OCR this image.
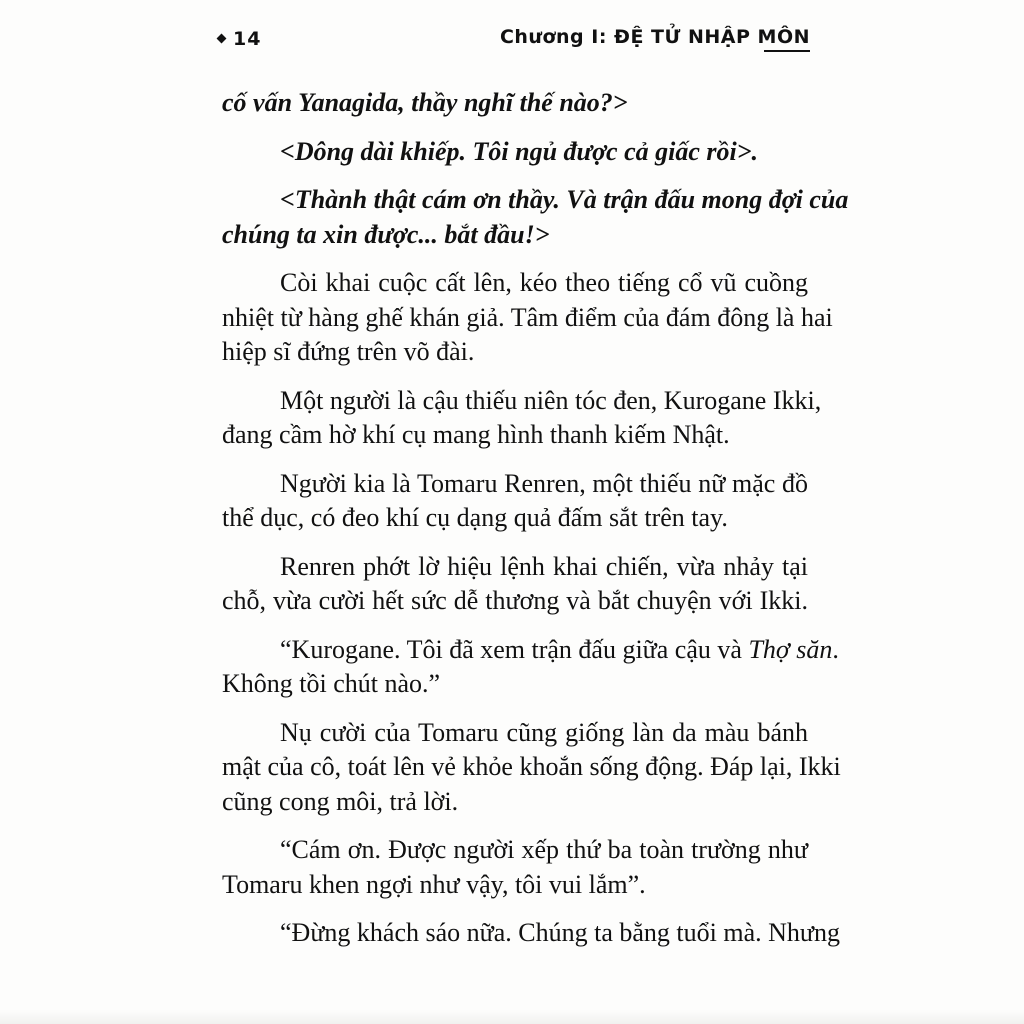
14	Chương I: ĐỆ TỬ NHẬP MÔN
cố vấn Yanagida, thầy nghĩ thế nào?>
<Dông dài khiếp. Tôi ngủ được cả giấc rồi>.
<Thành thật cám ơn thầy. Và trận đấu mong đợi của
chúng ta xin được... bắt đầu!>
Còi khai cuộc cất lên, kéo theo tiếng cổ vũ cuồng
nhiệt từ hàng ghế khán giả. Tâm điểm của đám đông là hai
hiệp sĩ đứng trên võ đài.
Một người là cậu thiếu niên tóc đen, Kurogane Ikki,
đang cầm hờ khí cụ mang hình thanh kiếm Nhật.
Người kia là Tomaru Renren, một thiếu nữ mặc đồ
thể dục, có đeo khí cụ dạng quả đấm sắt trên tay.
Renren phớt lờ hiệu lệnh khai chiến, vừa nhảy tại
chỗ, vừa cười hết sức dễ thương và bắt chuyện với Ikki.
“Kurogane. Tôi đã xem trận đấu giữa cậu và Thợ săn.
Không tồi chút nào.”
Nụ cười của Tomaru cũng giống làn da màu bánh
mật của cô, toát lên vẻ khỏe khoắn sống động. Đáp lại, Ikki
cũng cong môi, trả lời.
“Cám ơn. Được người xếp thứ ba toàn trường như
Tomaru khen ngợi như vậy, tôi vui lắm”.
“Đừng khách sáo nữa. Chúng ta bằng tuổi mà. Nhưng
